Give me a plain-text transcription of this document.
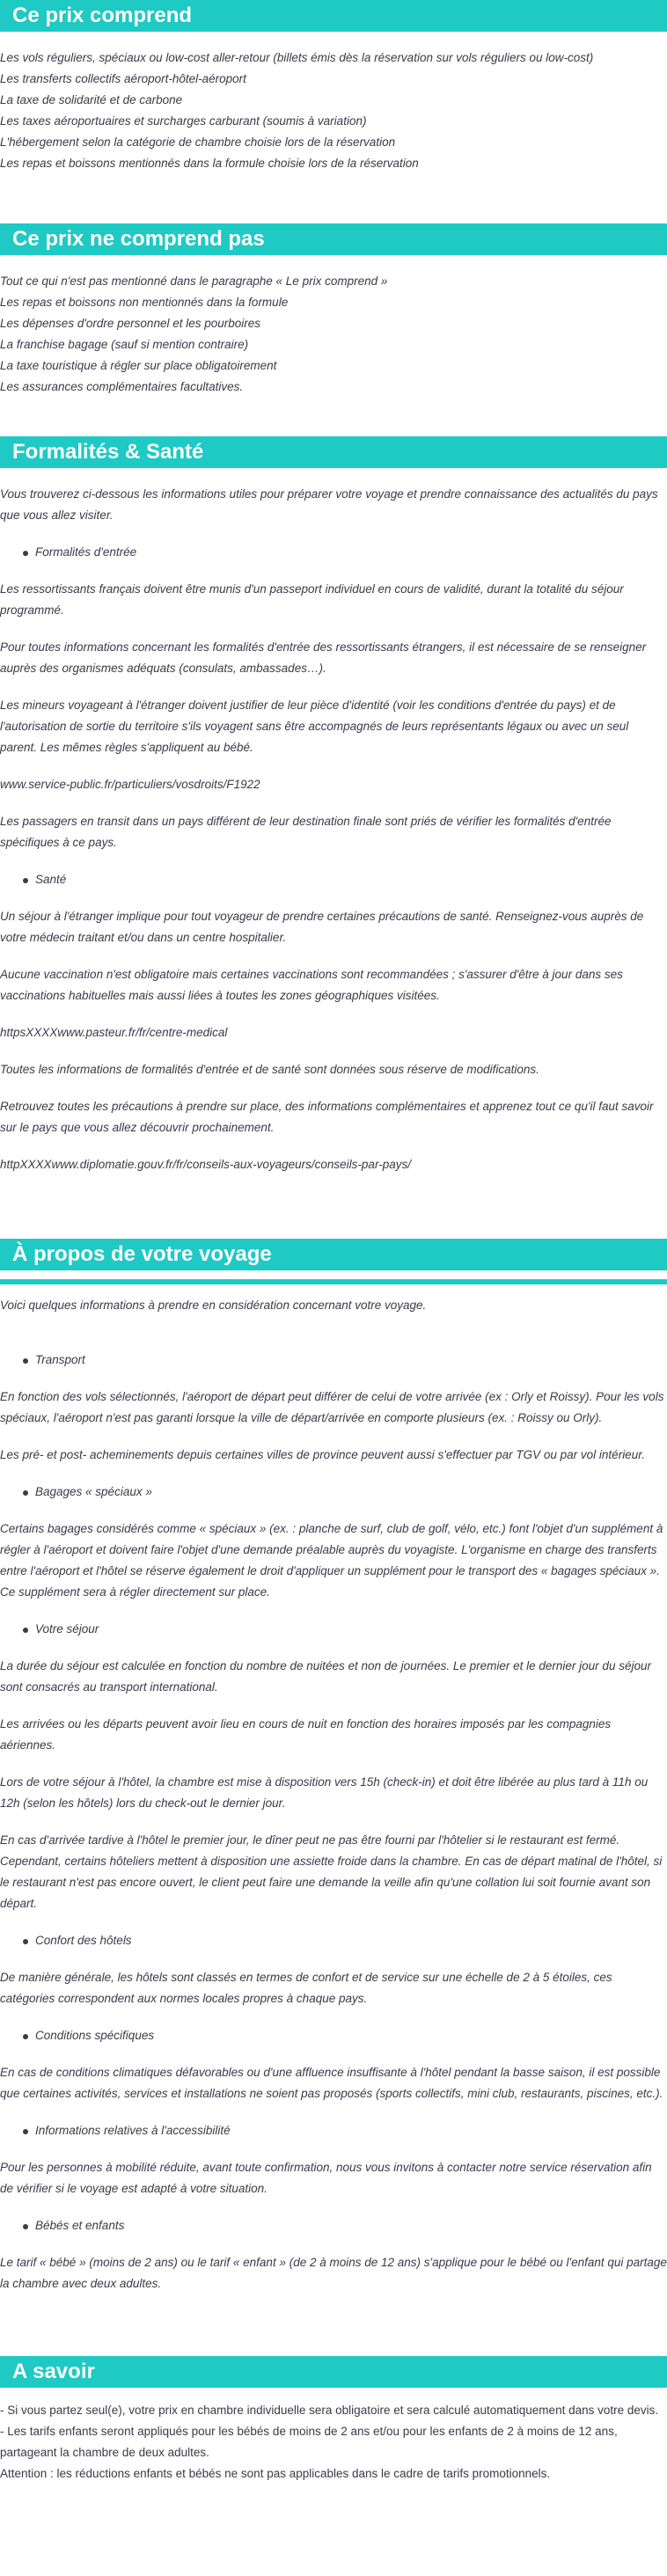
Ce prix comprend

Les vols réguliers, spéciaux ou low-cost aller-retour (billets émis dès la réservation sur vols réguliers ou low-cost)

Les transferts collectifs aéroport-hôtel-aéroport

La taxe de solidarité et de carbone

Les taxes aéroportuaires et surcharges carburant (soumis à variation)

L'hébergement selon la catégorie de chambre choisie lors de la réservation

Les repas et boissons mentionnés dans la formule choisie lors de la réservation

Ce prix ne comprend pas

Tout ce qui n'est pas mentionné dans le paragraphe « Le prix comprend »

Les repas et boissons non mentionnés dans la formule

Les dépenses d'ordre personnel et les pourboires

La franchise bagage (sauf si mention contraire)

La taxe touristique à régler sur place obligatoirement

Les assurances complémentaires facultatives.

Formalités & Santé

Vous trouverez ci-dessous les informations utiles pour préparer votre voyage et prendre connaissance des actualités du pays que vous allez visiter.

Formalités d'entrée

Les ressortissants français doivent être munis d'un passeport individuel en cours de validité, durant la totalité du séjour programmé.

Pour toutes informations concernant les formalités d'entrée des ressortissants étrangers, il est nécessaire de se renseigner auprès des organismes adéquats (consulats, ambassades…).

Les mineurs voyageant à l'étranger doivent justifier de leur pièce d'identité (voir les conditions d'entrée du pays) et de l'autorisation de sortie du territoire s'ils voyagent sans être accompagnés de leurs représentants légaux ou avec un seul parent. Les mêmes règles s'appliquent au bébé.

www.service-public.fr/particuliers/vosdroits/F1922

Les passagers en transit dans un pays différent de leur destination finale sont priés de vérifier les formalités d'entrée spécifiques à ce pays.

Santé

Un séjour à l'étranger implique pour tout voyageur de prendre certaines précautions de santé. Renseignez-vous auprès de votre médecin traitant et/ou dans un centre hospitalier.

Aucune vaccination n'est obligatoire mais certaines vaccinations sont recommandées ; s'assurer d'être à jour dans ses vaccinations habituelles mais aussi liées à toutes les zones géographiques visitées.

httpsXXXXwww.pasteur.fr/fr/centre-medical

Toutes les informations de formalités d'entrée et de santé sont données sous réserve de modifications.

Retrouvez toutes les précautions à prendre sur place, des informations complémentaires et apprenez tout ce qu'il faut savoir sur le pays que vous allez découvrir prochainement.

httpXXXXwww.diplomatie.gouv.fr/fr/conseils-aux-voyageurs/conseils-par-pays/

À propos de votre voyage

Voici quelques informations à prendre en considération concernant votre voyage.

Transport

En fonction des vols sélectionnés, l'aéroport de départ peut différer de celui de votre arrivée (ex : Orly et Roissy). Pour les vols spéciaux, l'aéroport n'est pas garanti lorsque la ville de départ/arrivée en comporte plusieurs (ex. : Roissy ou Orly).

Les pré- et post- acheminements depuis certaines villes de province peuvent aussi s'effectuer par TGV ou par vol intérieur.

Bagages « spéciaux »

Certains bagages considérés comme « spéciaux » (ex. : planche de surf, club de golf, vélo, etc.) font l'objet d'un supplément à régler à l'aéroport et doivent faire l'objet d'une demande préalable auprès du voyagiste. L'organisme en charge des transferts entre l'aéroport et l'hôtel se réserve également le droit d'appliquer un supplément pour le transport des « bagages spéciaux ». Ce supplément sera à régler directement sur place.

Votre séjour

La durée du séjour est calculée en fonction du nombre de nuitées et non de journées. Le premier et le dernier jour du séjour sont consacrés au transport international.

Les arrivées ou les départs peuvent avoir lieu en cours de nuit en fonction des horaires imposés par les compagnies aériennes.

Lors de votre séjour à l'hôtel, la chambre est mise à disposition vers 15h (check-in) et doit être libérée au plus tard à 11h ou 12h (selon les hôtels) lors du check-out le dernier jour.

En cas d'arrivée tardive à l'hôtel le premier jour, le dîner peut ne pas être fourni par l'hôtelier si le restaurant est fermé. Cependant, certains hôteliers mettent à disposition une assiette froide dans la chambre. En cas de départ matinal de l'hôtel, si le restaurant n'est pas encore ouvert, le client peut faire une demande la veille afin qu'une collation lui soit fournie avant son départ.

Confort des hôtels

De manière générale, les hôtels sont classés en termes de confort et de service sur une échelle de 2 à 5 étoiles, ces catégories correspondent aux normes locales propres à chaque pays.

Conditions spécifiques

En cas de conditions climatiques défavorables ou d'une affluence insuffisante à l'hôtel pendant la basse saison, il est possible que certaines activités, services et installations ne soient pas proposés (sports collectifs, mini club, restaurants, piscines, etc.).

Informations relatives à l'accessibilité

Pour les personnes à mobilité réduite, avant toute confirmation, nous vous invitons à contacter notre service réservation afin de vérifier si le voyage est adapté à votre situation.

Bébés et enfants

Le tarif « bébé » (moins de 2 ans) ou le tarif « enfant » (de 2 à moins de 12 ans) s'applique pour le bébé ou l'enfant qui partage la chambre avec deux adultes.

A savoir

- Si vous partez seul(e), votre prix en chambre individuelle sera obligatoire et sera calculé automatiquement dans votre devis.

- Les tarifs enfants seront appliqués pour les bébés de moins de 2 ans et/ou pour les enfants de 2 à moins de 12 ans, partageant la chambre de deux adultes.

Attention : les réductions enfants et bébés ne sont pas applicables dans le cadre de tarifs promotionnels.
